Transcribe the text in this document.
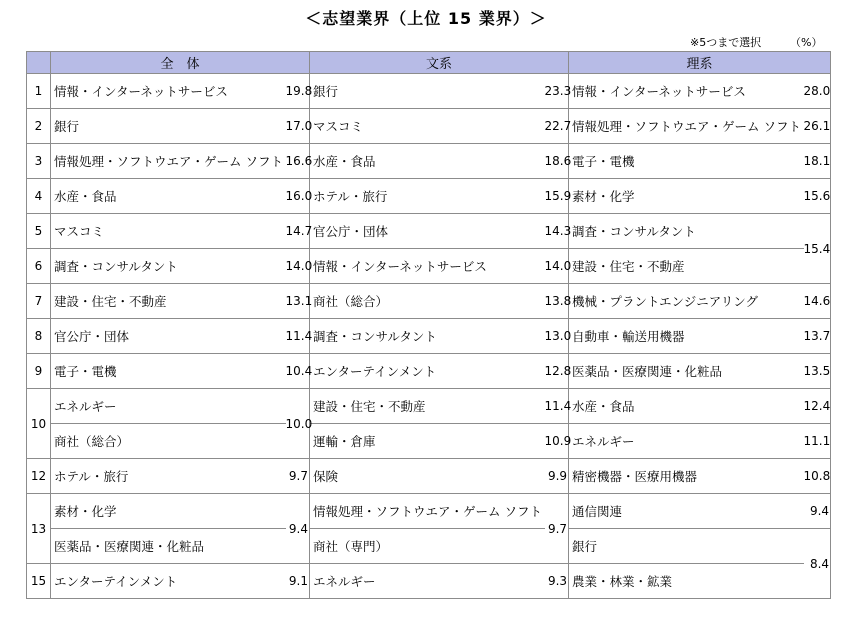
＜志望業界（上位 15 業界）＞
※5つまで選択	（%）
	全　体		文系		理系	
1	情報・インターネットサービス	19.8	銀行	23.3	情報・インターネットサービス	28.0
2	銀行	17.0	マスコミ	22.7	情報処理・ソフトウエア・ゲーム ソフト	26.1
3	情報処理・ソフトウエア・ゲーム ソフト	16.6	水産・食品	18.6	電子・電機	18.1
4	水産・食品	16.0	ホテル・旅行	15.9	素材・化学	15.6
5	マスコミ	14.7	官公庁・団体	14.3	調査・コンサルタント	15.4
6	調査・コンサルタント	14.0	情報・インターネットサービス	14.0	建設・住宅・不動産	
7	建設・住宅・不動産	13.1	商社（総合）	13.8	機械・プラントエンジニアリング	14.6
8	官公庁・団体	11.4	調査・コンサルタント	13.0	自動車・輸送用機器	13.7
9	電子・電機	10.4	エンターテインメント	12.8	医薬品・医療関連・化粧品	13.5
10	エネルギー	10.0	建設・住宅・不動産	11.4	水産・食品	12.4
	商社（総合）		運輸・倉庫	10.9	エネルギー	11.1
12	ホテル・旅行	9.7	保険	9.9	精密機器・医療用機器	10.8
13	素材・化学	9.4	情報処理・ソフトウエア・ゲーム ソフト	9.7	通信関連	9.4
	医薬品・医療関連・化粧品		商社（専門）		銀行	8.4
15	エンターテインメント	9.1	エネルギー	9.3	農業・林業・鉱業	
